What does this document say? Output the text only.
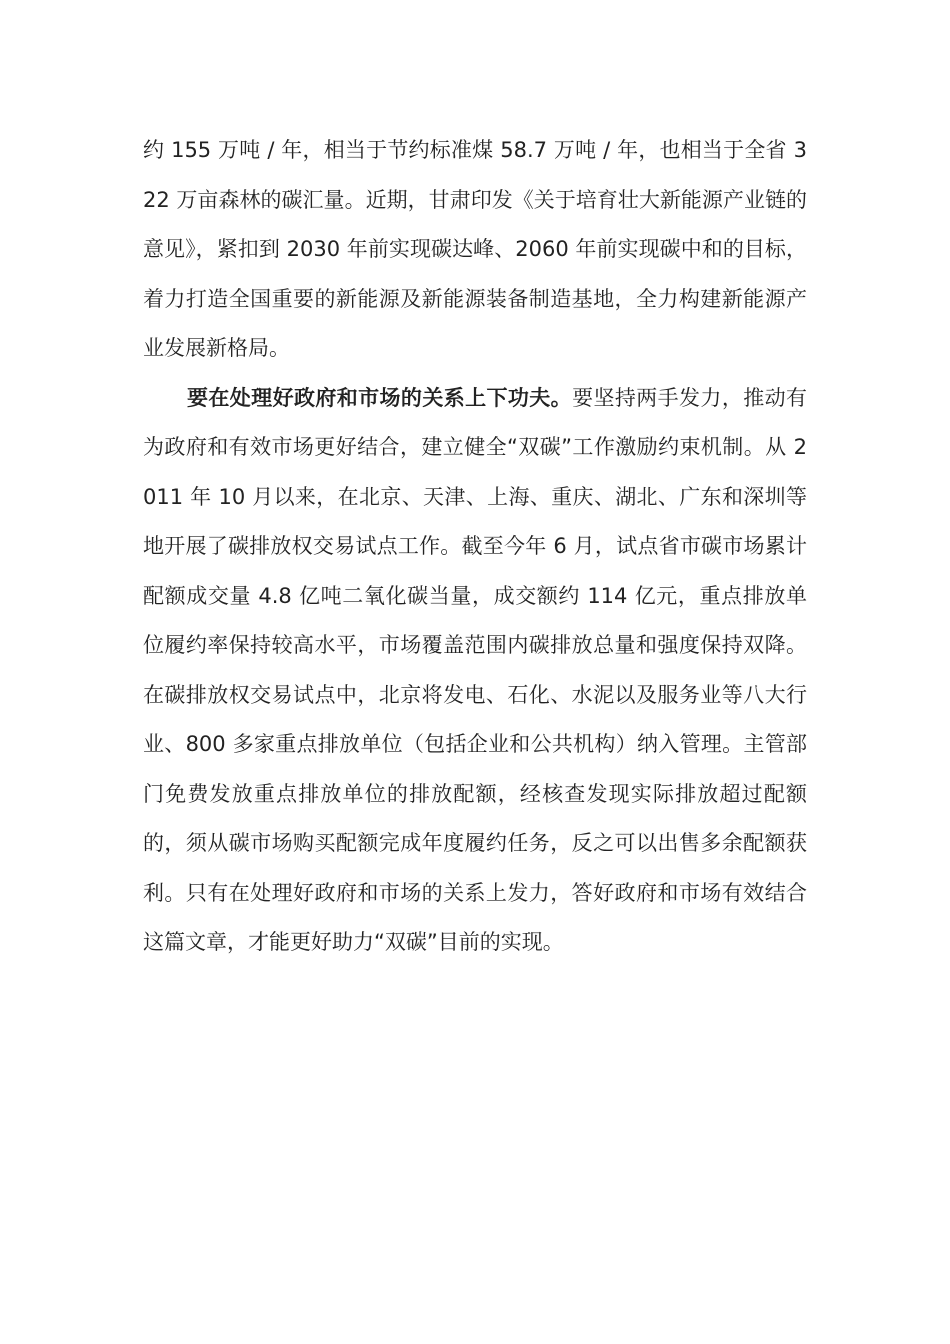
约 155 万吨 / 年，相当于节约标准煤 58.7 万吨 / 年，也相当于全省 322 万亩森林的碳汇量。近期，甘肃印发《关于培育壮大新能源产业链的意见》，紧扣到 2030 年前实现碳达峰、2060 年前实现碳中和的目标，着力打造全国重要的新能源及新能源装备制造基地，全力构建新能源产业发展新格局。

要在处理好政府和市场的关系上下功夫。要坚持两手发力，推动有为政府和有效市场更好结合，建立健全“双碳”工作激励约束机制。从 2011 年 10 月以来，在北京、天津、上海、重庆、湖北、广东和深圳等地开展了碳排放权交易试点工作。截至今年 6 月，试点省市碳市场累计配额成交量 4.8 亿吨二氧化碳当量，成交额约 114 亿元，重点排放单位履约率保持较高水平，市场覆盖范围内碳排放总量和强度保持双降。在碳排放权交易试点中，北京将发电、石化、水泥以及服务业等八大行业、800 多家重点排放单位（包括企业和公共机构）纳入管理。主管部门免费发放重点排放单位的排放配额，经核查发现实际排放超过配额的，须从碳市场购买配额完成年度履约任务，反之可以出售多余配额获利。只有在处理好政府和市场的关系上发力，答好政府和市场有效结合这篇文章，才能更好助力“双碳”目前的实现。
